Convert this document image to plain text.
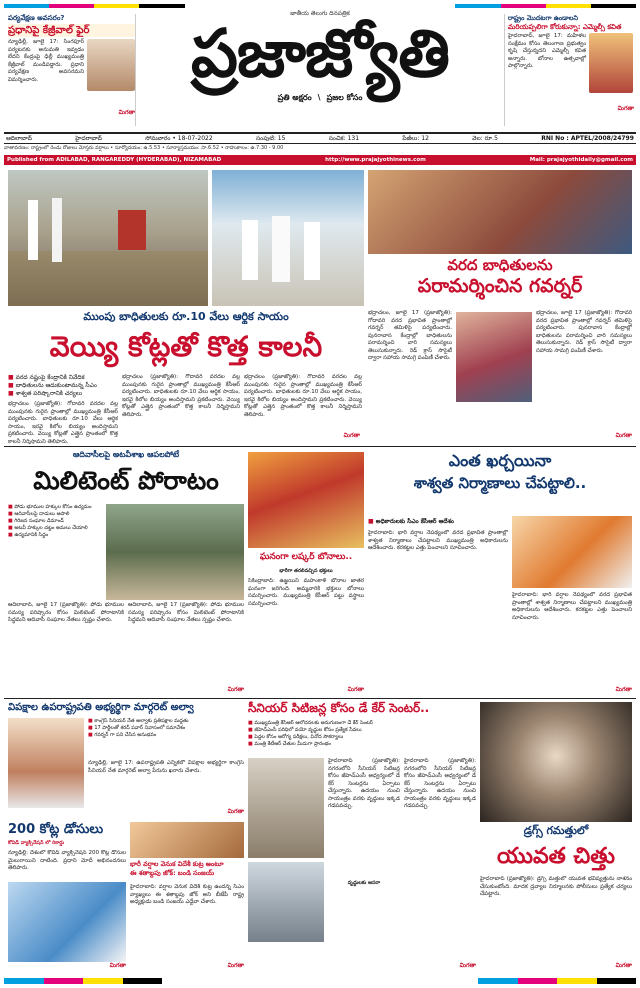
పర్యవేక్షణ అవసరం?
ప్రధానిపై కేజ్రీవాల్ ఫైర్
న్యూఢిల్లీ, జూలై 17: సింగపూర్ పర్యటనకు అనుమతి ఇవ్వడం లేదని కేంద్రంపై ఢిల్లీ ముఖ్యమంత్రి కేజ్రీవాల్ మండిపడ్డారు. ప్రధాని పర్యవేక్షణ అవసరమని విమర్శించారు.
మిగతా
జాతీయ తెలుగు దినపత్రిక
ప్రజాజ్యోతి
ప్రతి అక్షరం \ ప్రజల కోసం
రాష్ట్రం మొదటగా ఉండాలని
మరియప్పలిగా కోరుకున్నా: ఎమ్మెల్సీ కవిత
హైదరాబాద్, జూలై 17: మహిళల సంక్షేమం కోసం తెలంగాణ ప్రభుత్వం కృషి చేస్తున్నదని ఎమ్మెల్సీ కవిత అన్నారు. బోనాల ఉత్సవాల్లో పాల్గొన్నారు.
మిగతా
ఆదిలాబాద్	హైదరాబాద్	సోమవారం • 18-07-2022	సంపుటి: 15	సంచిక: 131	పేజీలు: 12	వెల: రూ.5	RNI No : APTEL/2008/24799
వాతావరణం: రాష్ట్రంలో రెండు రోజులు మోస్తరు వర్షాలు • సూర్యోదయం: ఉ.5.53 • సూర్యాస్తమయం: సా.6.52 • రాహుకాలం: ఉ.7.30 - 9.00
Published from ADILABAD, RANGAREDDY (HYDERABAD), NIZAMABAD	http://www.prajajyothinews.com	Mail: prajajyothidaily@gmail.com
వరద బాధితులను
పరామర్శించిన గవర్నర్
ముంపు బాధితులకు రూ.10 వేలు ఆర్థిక సాయం
వెయ్యి కోట్లతో కొత్త కాలనీ
■ వరద నష్టంపై కేంద్రానికి నివేదిక
■ బాధితులను ఆదుకుంటామన్న సీఎం
■ శాశ్వత పరిష్కారానికి చర్యలు
భద్రాచలం (ప్రజాజ్యోతి): గోదావరి వరదల వల్ల ముంపునకు గురైన ప్రాంతాల్లో ముఖ్యమంత్రి కేసీఆర్ పర్యటించారు. బాధితులకు రూ.10 వేలు ఆర్థిక సాయం, ఇరవై కిలోల బియ్యం అందిస్తామని ప్రకటించారు. వెయ్యి కోట్లతో ఎత్తైన ప్రాంతంలో కొత్త కాలనీ నిర్మిస్తామని తెలిపారు.
భద్రాచలం (ప్రజాజ్యోతి): గోదావరి వరదల వల్ల ముంపునకు గురైన ప్రాంతాల్లో ముఖ్యమంత్రి కేసీఆర్ పర్యటించారు. బాధితులకు రూ.10 వేలు ఆర్థిక సాయం, ఇరవై కిలోల బియ్యం అందిస్తామని ప్రకటించారు. వెయ్యి కోట్లతో ఎత్తైన ప్రాంతంలో కొత్త కాలనీ నిర్మిస్తామని తెలిపారు.
భద్రాచలం (ప్రజాజ్యోతి): గోదావరి వరదల వల్ల ముంపునకు గురైన ప్రాంతాల్లో ముఖ్యమంత్రి కేసీఆర్ పర్యటించారు. బాధితులకు రూ.10 వేలు ఆర్థిక సాయం, ఇరవై కిలోల బియ్యం అందిస్తామని ప్రకటించారు. వెయ్యి కోట్లతో ఎత్తైన ప్రాంతంలో కొత్త కాలనీ నిర్మిస్తామని తెలిపారు.
మిగతా
భద్రాచలం, జూలై 17 (ప్రజాజ్యోతి): గోదావరి వరద ప్రభావిత ప్రాంతాల్లో గవర్నర్ తమిళిసై పర్యటించారు. పునరావాస కేంద్రాల్లో బాధితులను పరామర్శించి వారి సమస్యలు తెలుసుకున్నారు. రెడ్ క్రాస్ సొసైటీ ద్వారా సహాయ సామగ్రి పంపిణీ చేశారు.
భద్రాచలం, జూలై 17 (ప్రజాజ్యోతి): గోదావరి వరద ప్రభావిత ప్రాంతాల్లో గవర్నర్ తమిళిసై పర్యటించారు. పునరావాస కేంద్రాల్లో బాధితులను పరామర్శించి వారి సమస్యలు తెలుసుకున్నారు. రెడ్ క్రాస్ సొసైటీ ద్వారా సహాయ సామగ్రి పంపిణీ చేశారు.
మిగతా
ఆదివాసీలపై అటవీశాఖ ఆపలపోటే
మిలిటెంట్ పోరాటం
■ పోడు భూముల హక్కుల కోసం ఉద్యమం
■ ఆదివాసీలపై దాడులు ఆపాలి
■ గిరిజన సంఘాల డిమాండ్
■ అటవీ హక్కుల చట్టం అమలు చేయాలి
■ ఉద్యమానికి సిద్ధం
ఆదిలాబాద్, జూలై 17 (ప్రజాజ్యోతి): పోడు భూముల సమస్య పరిష్కారం కోసం మిలిటెంట్ పోరాటానికి సిద్ధమని ఆదివాసీ సంఘాల నేతలు స్పష్టం చేశారు.
ఆదిలాబాద్, జూలై 17 (ప్రజాజ్యోతి): పోడు భూముల సమస్య పరిష్కారం కోసం మిలిటెంట్ పోరాటానికి సిద్ధమని ఆదివాసీ సంఘాల నేతలు స్పష్టం చేశారు.
మిగతా
ఘనంగా లష్కర్ బోనాలు..
భారీగా తరలివచ్చిన భక్తులు
సికింద్రాబాద్: ఉజ్జయిని మహంకాళి బోనాల జాతర ఘనంగా జరిగింది. అమ్మవారికి భక్తులు బోనాలు సమర్పించారు. ముఖ్యమంత్రి కేసీఆర్ పట్టు వస్త్రాలు సమర్పించారు.
మిగతా
ఎంత ఖర్చయినా
శాశ్వత నిర్మాణాలు చేపట్టాలి..
■ అధికారులకు సీఎం కేసీఆర్ ఆదేశం
హైదరాబాద్: భారీ వర్షాల నేపథ్యంలో వరద ప్రభావిత ప్రాంతాల్లో శాశ్వత నిర్మాణాలు చేపట్టాలని ముఖ్యమంత్రి అధికారులను ఆదేశించారు. కరకట్టల ఎత్తు పెంచాలని సూచించారు.
హైదరాబాద్: భారీ వర్షాల నేపథ్యంలో వరద ప్రభావిత ప్రాంతాల్లో శాశ్వత నిర్మాణాలు చేపట్టాలని ముఖ్యమంత్రి అధికారులను ఆదేశించారు. కరకట్టల ఎత్తు పెంచాలని సూచించారు.
మిగతా
విపక్షాల ఉపరాష్ట్రపతి అభ్యర్థిగా మార్గరెట్ అల్వా
■ కాంగ్రెస్ సీనియర్ నేత అల్వాకు ప్రతిపక్షాల మద్దతు
■ 17 పార్టీలతో శరద్ పవార్ నివాసంలో సమావేశం
■ గవర్నర్ గా పని చేసిన అనుభవం
న్యూఢిల్లీ, జూలై 17: ఉపరాష్ట్రపతి ఎన్నికలో విపక్షాల అభ్యర్థిగా కాంగ్రెస్ సీనియర్ నేత మార్గరెట్ అల్వా పేరును ఖరారు చేశారు.
మిగతా
200 కోట్ల డోసులు
కోవిడ్ వ్యాక్సినేషన్ లో రికార్డు
న్యూఢిల్లీ: దేశంలో కోవిడ్ వ్యాక్సినేషన్ 200 కోట్ల డోసుల మైలురాయిని దాటింది. ప్రధాని మోదీ అభినందనలు తెలిపారు.
మిగతా
భారీ వర్షాల వెనుక విదేశీ కుట్ర అంటూ
ఈ శతాబ్దపు జోక్: బండి సంజయ్
హైదరాబాద్: వర్షాల వెనుక విదేశీ కుట్ర ఉందన్న సీఎం వ్యాఖ్యలు ఈ శతాబ్దపు జోక్ అని బీజేపీ రాష్ట్ర అధ్యక్షుడు బండి సంజయ్ ఎద్దేవా చేశారు.
మిగతా
సీనియర్ సిటిజన్ల కోసం డే కేర్ సెంటర్..
■ ముఖ్యమంత్రి కేసీఆర్ ఆలోచనలకు అనుగుణంగా డే కేర్ సెంటర్
■ జీహెచ్ఎంసీ పరిధిలో వయో వృద్ధుల కోసం ప్రత్యేక సేవలు
■ పెద్దల కోసం ఆరోగ్య పరీక్షలు, వినోద సౌకర్యాలు
■ మంత్రి కేటీఆర్ చేతుల మీదుగా ప్రారంభం
హైదరాబాద్ (ప్రజాజ్యోతి): నగరంలోని సీనియర్ సిటిజన్ల కోసం జీహెచ్ఎంసీ ఆధ్వర్యంలో డే కేర్ సెంటర్లను ఏర్పాటు చేస్తున్నారు. ఉదయం నుంచి సాయంత్రం వరకు వృద్ధులు ఇక్కడ గడపవచ్చు.
వృద్ధులకు ఆసరా
హైదరాబాద్ (ప్రజాజ్యోతి): నగరంలోని సీనియర్ సిటిజన్ల కోసం జీహెచ్ఎంసీ ఆధ్వర్యంలో డే కేర్ సెంటర్లను ఏర్పాటు చేస్తున్నారు. ఉదయం నుంచి సాయంత్రం వరకు వృద్ధులు ఇక్కడ గడపవచ్చు.
మిగతా
డ్రగ్స్ గమత్తులో
యువత చిత్తు
హైదరాబాద్ (ప్రజాజ్యోతి): డ్రగ్స్ మత్తులో యువత భవిష్యత్తును నాశనం చేసుకుంటోంది. మాదక ద్రవ్యాల నిర్మూలనకు పోలీసులు ప్రత్యేక చర్యలు చేపట్టారు.
మిగతా
